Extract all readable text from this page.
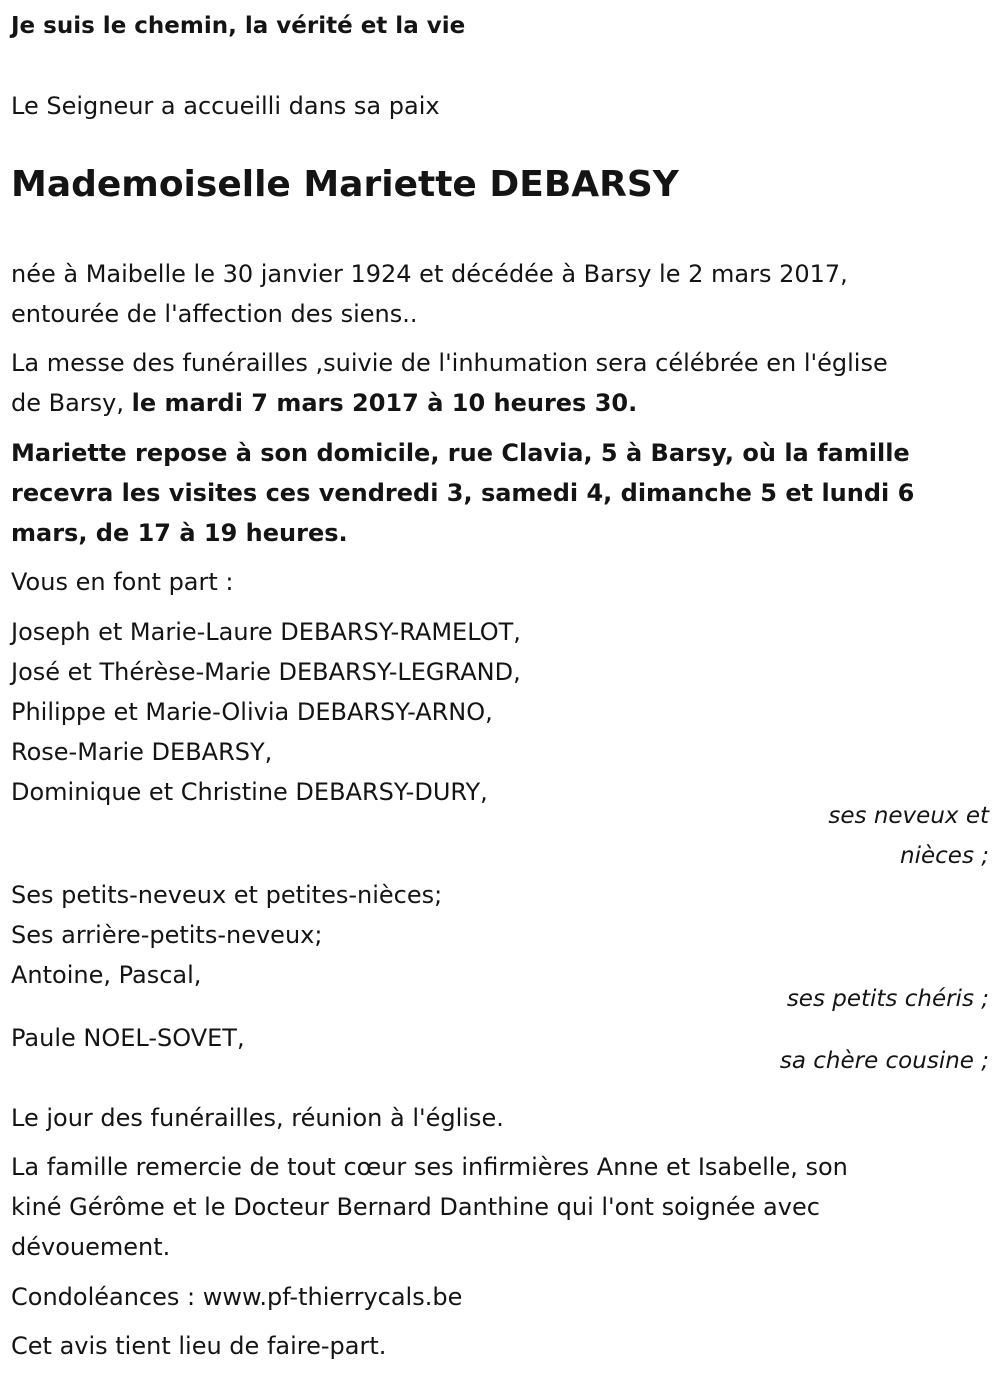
Je suis le chemin, la vérité et la vie
Le Seigneur a accueilli dans sa paix
Mademoiselle Mariette DEBARSY
née à Maibelle le 30 janvier 1924 et décédée à Barsy le 2 mars 2017,
entourée de l'affection des siens..
La messe des funérailles ,suivie de l'inhumation sera célébrée en l'église
de Barsy, le mardi 7 mars 2017 à 10 heures 30.
Mariette repose à son domicile, rue Clavia, 5 à Barsy, où la famille
recevra les visites ces vendredi 3, samedi 4, dimanche 5 et lundi 6
mars, de 17 à 19 heures.
Vous en font part :
Joseph et Marie-Laure DEBARSY-RAMELOT,
José et Thérèse-Marie DEBARSY-LEGRAND,
Philippe et Marie-Olivia DEBARSY-ARNO,
Rose-Marie DEBARSY,
Dominique et Christine DEBARSY-DURY,
ses neveux et
nièces ;
Ses petits-neveux et petites-nièces;
Ses arrière-petits-neveux;
Antoine, Pascal,
ses petits chéris ;
Paule NOEL-SOVET,
sa chère cousine ;
Le jour des funérailles, réunion à l'église.
La famille remercie de tout cœur ses infirmières Anne et Isabelle, son
kiné Gérôme et le Docteur Bernard Danthine qui l'ont soignée avec
dévouement.
Condoléances : www.pf-thierrycals.be
Cet avis tient lieu de faire-part.
